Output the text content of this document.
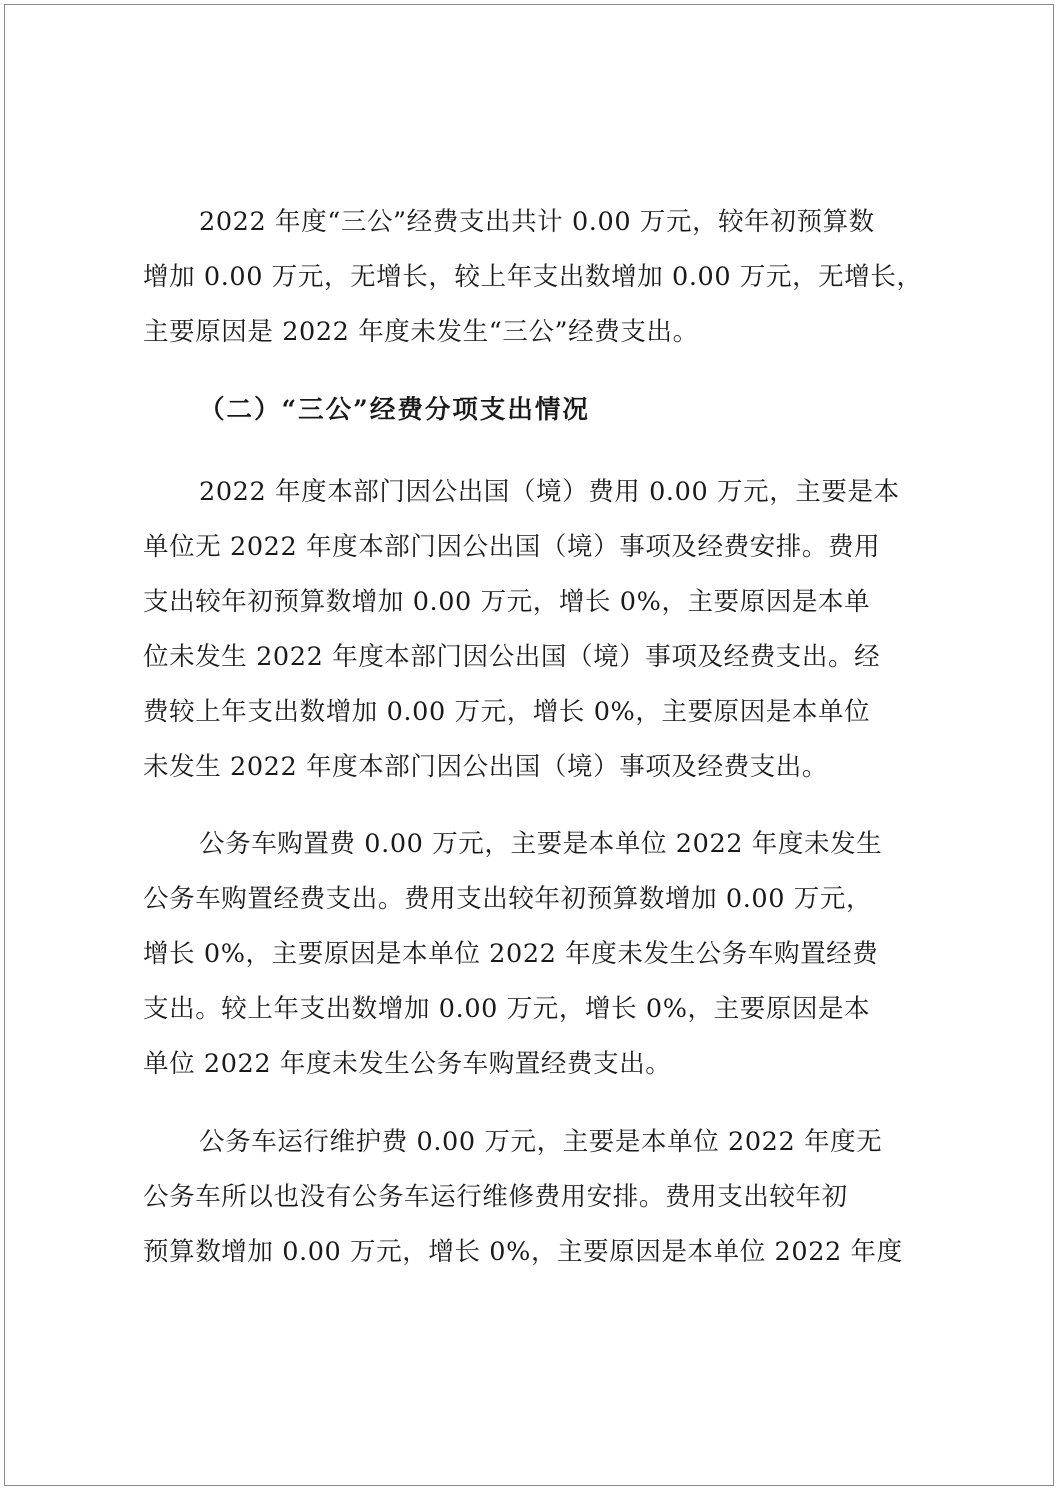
2022 年度“三公”经费支出共计 0.00 万元，较年初预算数

增加 0.00 万元，无增长，较上年支出数增加 0.00 万元，无增长，

主要原因是 2022 年度未发生“三公”经费支出。

（二）“三公”经费分项支出情况

2022 年度本部门因公出国（境）费用 0.00 万元，主要是本

单位无 2022 年度本部门因公出国（境）事项及经费安排。费用

支出较年初预算数增加 0.00 万元，增长 0%，主要原因是本单

位未发生 2022 年度本部门因公出国（境）事项及经费支出。经

费较上年支出数增加 0.00 万元，增长 0%，主要原因是本单位

未发生 2022 年度本部门因公出国（境）事项及经费支出。

公务车购置费 0.00 万元，主要是本单位 2022 年度未发生

公务车购置经费支出。费用支出较年初预算数增加 0.00 万元，

增长 0%，主要原因是本单位 2022 年度未发生公务车购置经费

支出。较上年支出数增加 0.00 万元，增长 0%，主要原因是本

单位 2022 年度未发生公务车购置经费支出。

公务车运行维护费 0.00 万元，主要是本单位 2022 年度无

公务车所以也没有公务车运行维修费用安排。费用支出较年初

预算数增加 0.00 万元，增长 0%，主要原因是本单位 2022 年度
